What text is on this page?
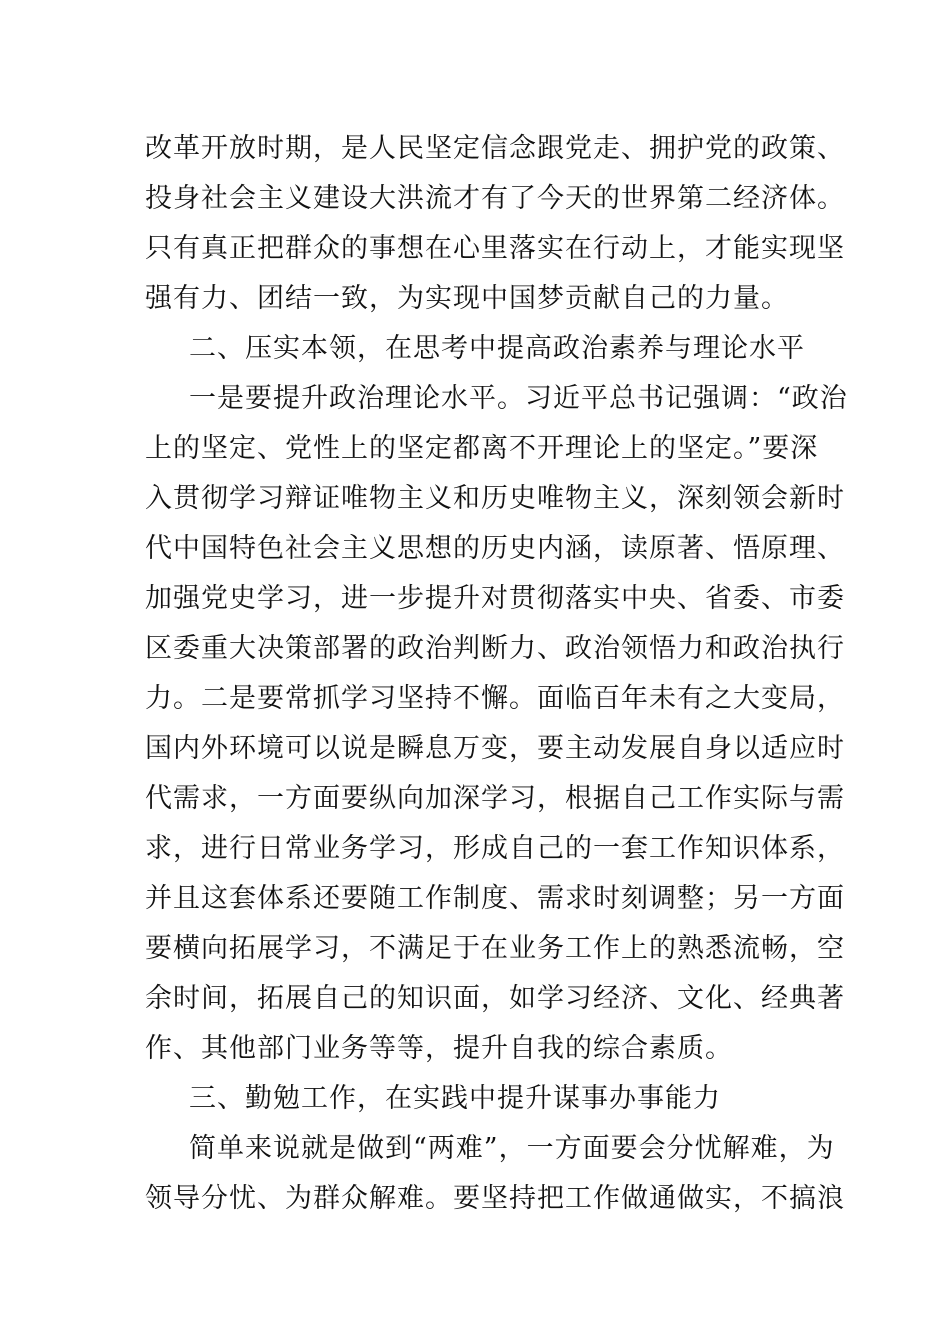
改革开放时期，是人民坚定信念跟党走、拥护党的政策、
投身社会主义建设大洪流才有了今天的世界第二经济体。
只有真正把群众的事想在心里落实在行动上，才能实现坚
强有力、团结一致，为实现中国梦贡献自己的力量。
二、压实本领，在思考中提高政治素养与理论水平
一是要提升政治理论水平。习近平总书记强调：“政治
上的坚定、党性上的坚定都离不开理论上的坚定。”要深
入贯彻学习辩证唯物主义和历史唯物主义，深刻领会新时
代中国特色社会主义思想的历史内涵，读原著、悟原理、
加强党史学习，进一步提升对贯彻落实中央、省委、市委
区委重大决策部署的政治判断力、政治领悟力和政治执行
力。二是要常抓学习坚持不懈。面临百年未有之大变局，
国内外环境可以说是瞬息万变，要主动发展自身以适应时
代需求，一方面要纵向加深学习，根据自己工作实际与需
求，进行日常业务学习，形成自己的一套工作知识体系，
并且这套体系还要随工作制度、需求时刻调整；另一方面
要横向拓展学习，不满足于在业务工作上的熟悉流畅，空
余时间，拓展自己的知识面，如学习经济、文化、经典著
作、其他部门业务等等，提升自我的综合素质。
三、勤勉工作，在实践中提升谋事办事能力
简单来说就是做到“两难”，一方面要会分忧解难，为
领导分忧、为群众解难。要坚持把工作做通做实，不搞浪
